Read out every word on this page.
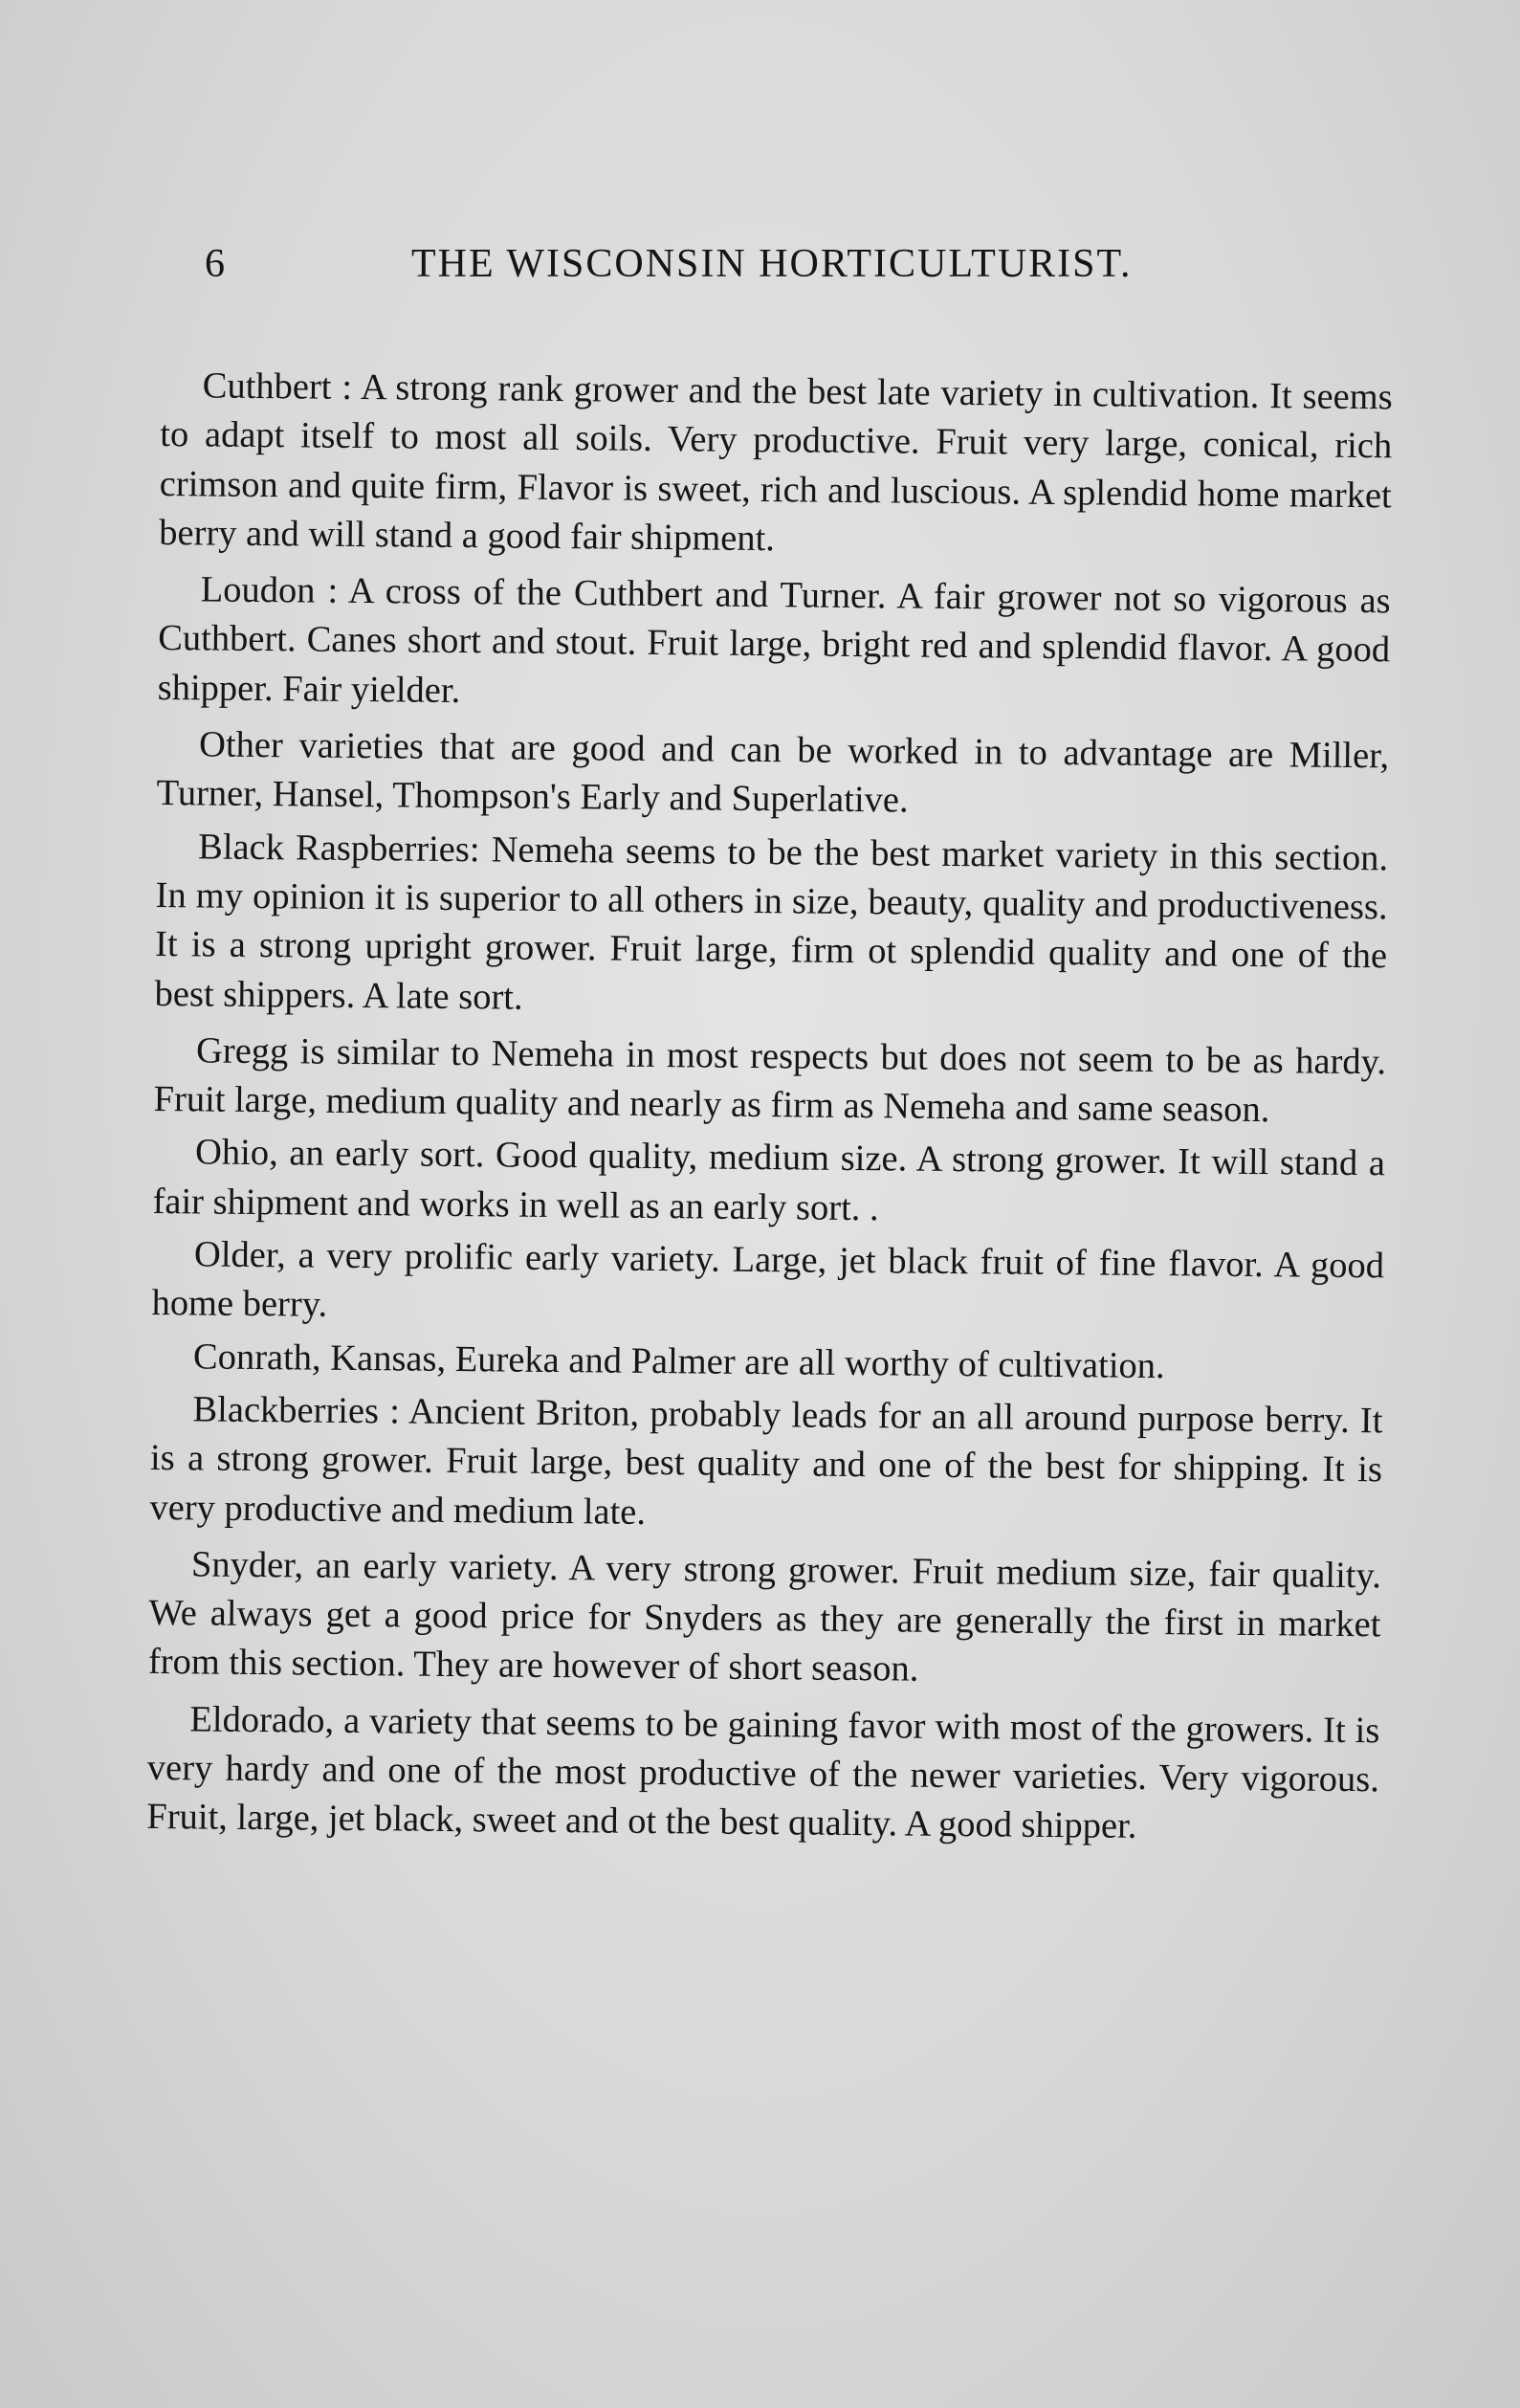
6	THE WISCONSIN HORTICULTURIST.

Cuthbert : A strong rank grower and the best late variety in cultivation. It seems to adapt itself to most all soils. Very productive. Fruit very large, conical, rich crimson and quite firm, Flavor is sweet, rich and luscious. A splendid home market berry and will stand a good fair shipment.

Loudon : A cross of the Cuthbert and Turner. A fair grower not so vigorous as Cuthbert. Canes short and stout. Fruit large, bright red and splendid flavor. A good shipper. Fair yielder.

Other varieties that are good and can be worked in to advantage are Miller, Turner, Hansel, Thompson's Early and Superlative.

Black Raspberries: Nemeha seems to be the best market variety in this section. In my opinion it is superior to all others in size, beauty, quality and productiveness. It is a strong upright grower. Fruit large, firm ot splendid quality and one of the best shippers. A late sort.

Gregg is similar to Nemeha in most respects but does not seem to be as hardy. Fruit large, medium quality and nearly as firm as Nemeha and same season.

Ohio, an early sort. Good quality, medium size. A strong grower. It will stand a fair shipment and works in well as an early sort. .

Older, a very prolific early variety. Large, jet black fruit of fine flavor. A good home berry.

Conrath, Kansas, Eureka and Palmer are all worthy of cultivation.

Blackberries : Ancient Briton, probably leads for an all around purpose berry. It is a strong grower. Fruit large, best quality and one of the best for shipping. It is very productive and medium late.

Snyder, an early variety. A very strong grower. Fruit medium size, fair quality. We always get a good price for Snyders as they are generally the first in market from this section. They are however of short season.

Eldorado, a variety that seems to be gaining favor with most of the growers. It is very hardy and one of the most productive of the newer varieties. Very vigorous. Fruit, large, jet black, sweet and ot the best quality. A good shipper.
